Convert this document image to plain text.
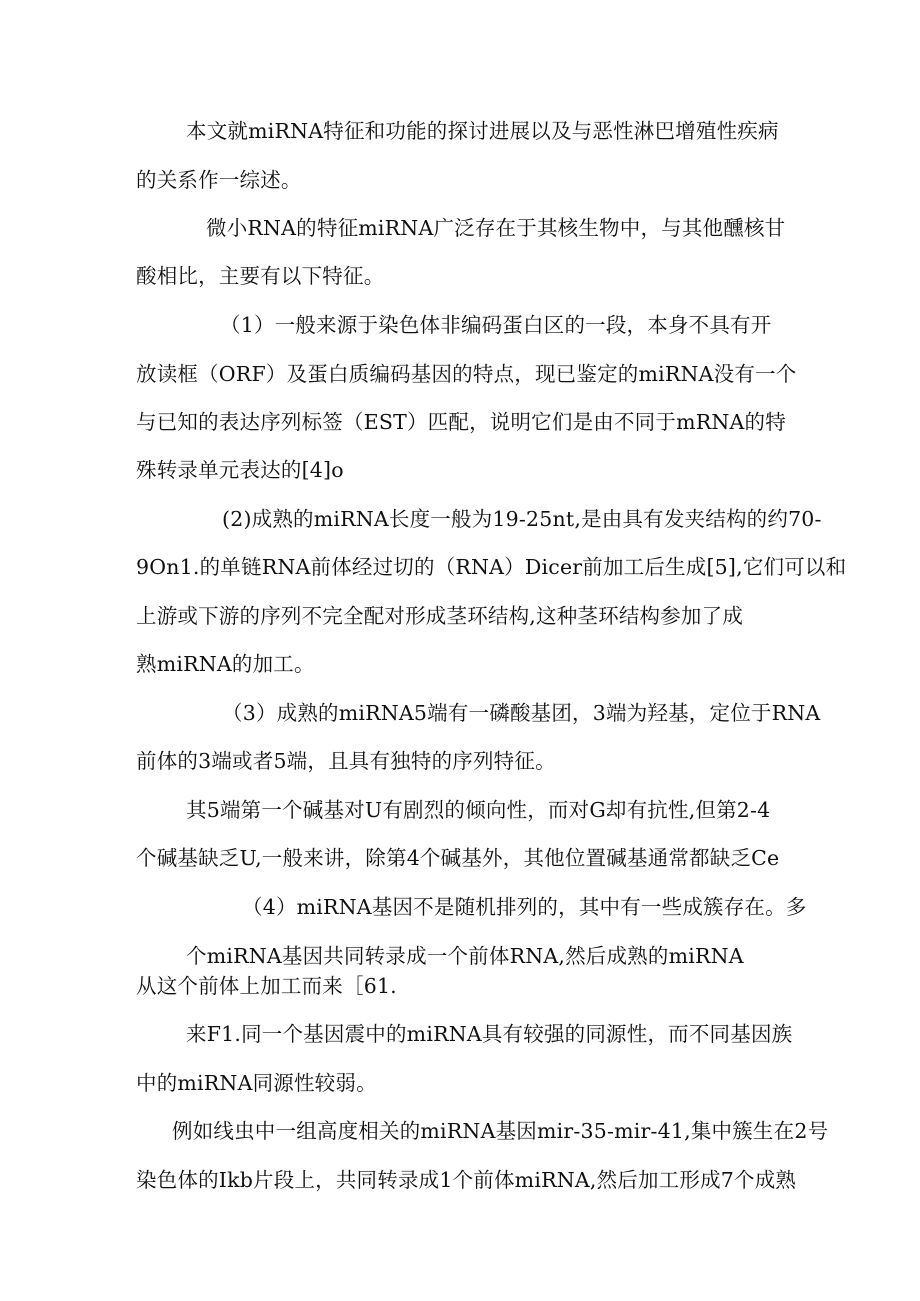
本文就miRNA特征和功能的探讨进展以及与恶性淋巴增殖性疾病
的关系作一综述。
微小RNA的特征miRNA广泛存在于其核生物中，与其他醺核甘
酸相比，主要有以下特征。
（1）一般来源于染色体非编码蛋白区的一段，本身不具有开
放读框（ORF）及蛋白质编码基因的特点，现已鉴定的miRNA没有一个
与已知的表达序列标签（EST）匹配，说明它们是由不同于mRNA的特
殊转录单元表达的[4]o
(2)成熟的miRNA长度一般为19-25nt,是由具有发夹结构的约70-
9On1.的单链RNA前体经过切的（RNA）Dicer前加工后生成[5],它们可以和
上游或下游的序列不完全配对形成茎环结构,这种茎环结构参加了成
熟miRNA的加工。
（3）成熟的miRNA5端有一磷酸基团，3端为羟基，定位于RNA
前体的3端或者5端，且具有独特的序列特征。
其5端第一个碱基对U有剧烈的倾向性，而对G却有抗性,但第2-4
个碱基缺乏U,一般来讲，除第4个碱基外，其他位置碱基通常都缺乏Ce
（4）miRNA基因不是随机排列的，其中有一些成簇存在。多
个miRNA基因共同转录成一个前体RNA,然后成熟的miRNA
从这个前体上加工而来［61.
来F1.同一个基因震中的miRNA具有较强的同源性，而不同基因族
中的miRNA同源性较弱。
例如线虫中一组高度相关的miRNA基因mir-35-mir-41,集中簇生在2号
染色体的Ikb片段上，共同转录成1个前体miRNA,然后加工形成7个成熟
